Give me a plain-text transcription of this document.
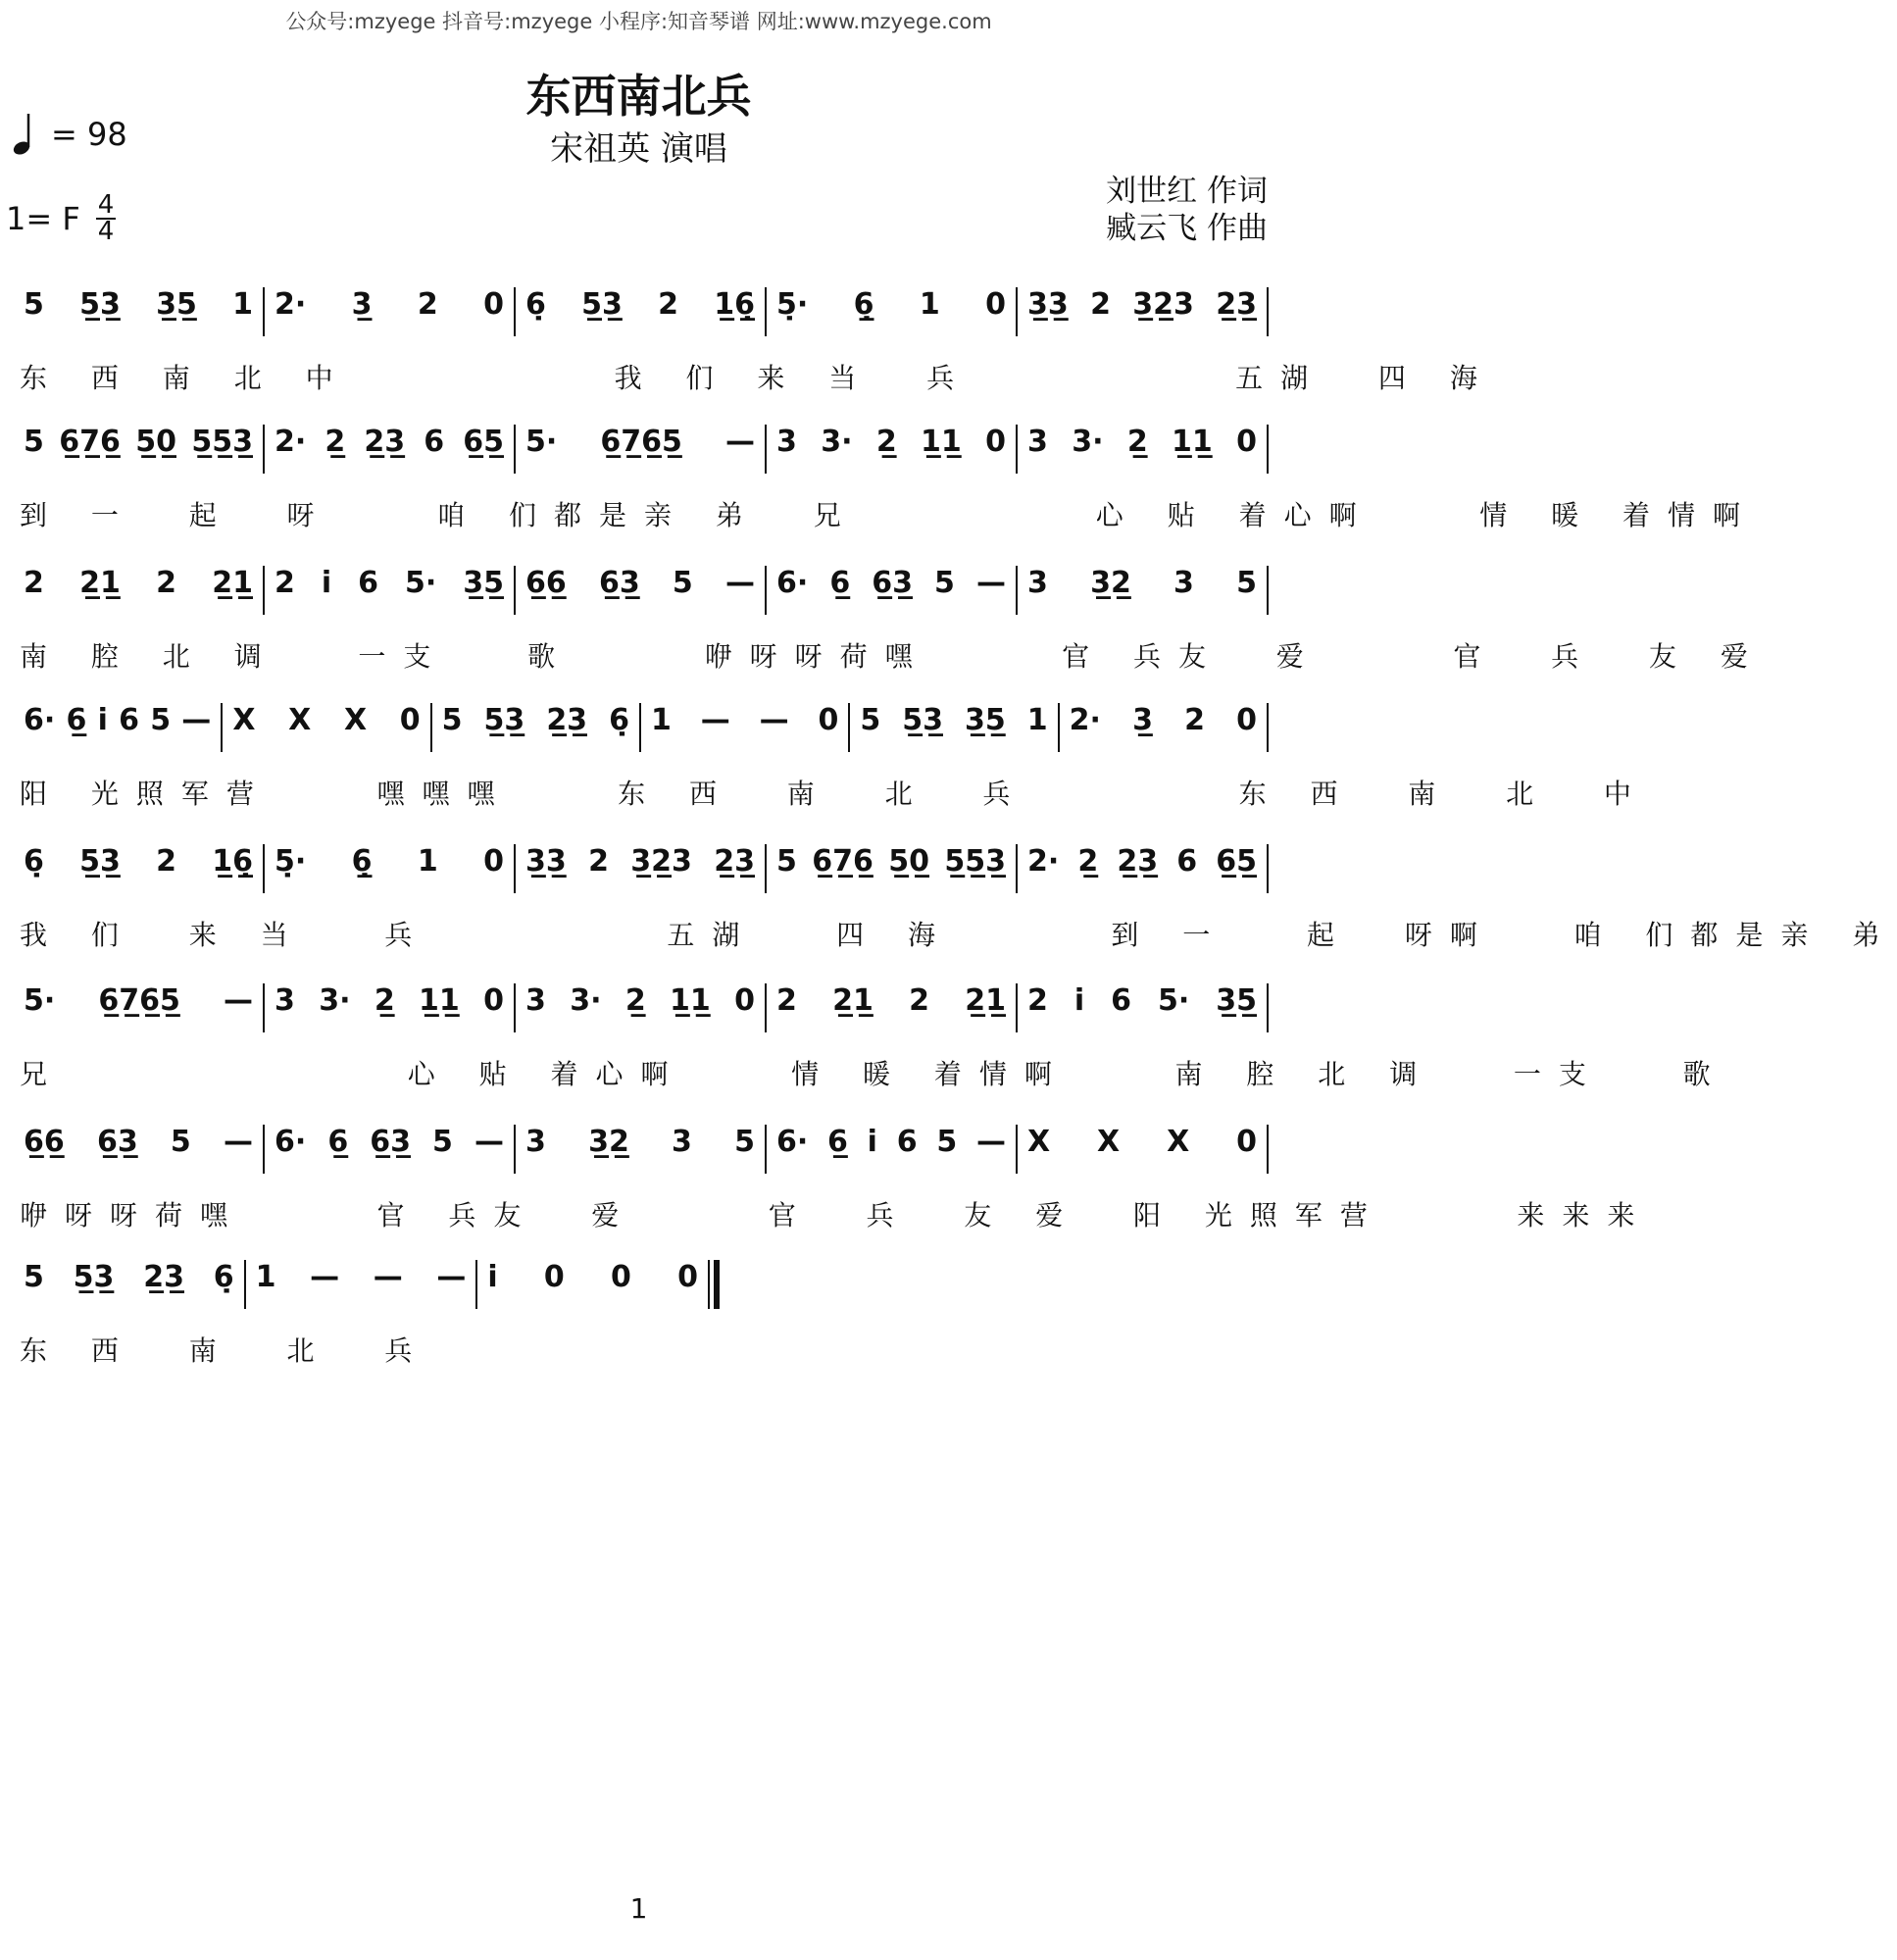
公众号:mzyege 抖音号:mzyege 小程序:知音琴谱 网址:www.mzyege.com
东西南北兵
宋祖英 演唱
= 98
1= F 4
4
刘世红 作词
臧云飞 作曲
5 5̲3̲ 3̲5̲ 1 2· 3̲ 2 0 6̣ 5̲3̲ 2 1̲6̣̲ 5̣· 6̣̲ 1 0 3̲3̲ 2 3̲2̲3 2̲3̲
东 西 南 北 中          我 们 来 当  兵          五湖  四 海
5 6̲7̲6̲ 5̲0̲ 5̲5̲3̲ 2· 2̲ 2̲3̲ 6 6̲5̲ 5· 6̲7̲6̲5̲ — 3 3· 2̲ 1̲1̲ 0 3 3· 2̲ 1̲1̲ 0
到 一  起  呀    咱 们都是亲 弟  兄         心 贴 着心啊    情 暖 着情啊
2 2̲1̲ 2 2̲1̲ 2 i 6 5· 3̲5̲ 6̲6̲ 6̲3̲ 5 — 6· 6̲ 6̲3̲ 5 — 3 3̲2̲ 3 5
南 腔 北 调   一支   歌     咿呀呀荷嘿     官 兵友  爱     官  兵  友 爱
6· 6̲ i 6 5 — X X X 0 5 5̲3̲ 2̲3̲ 6̣ 1 — — 0 5 5̲3̲ 3̲5̲ 1 2· 3̲ 2 0
阳 光照军营    嘿嘿嘿    东 西  南  北  兵        东 西  南  北  中
6̣ 5̲3̲ 2 1̲6̣̲ 5̣· 6̣̲ 1 0 3̲3̲ 2 3̲2̲3 2̲3̲ 5 6̲7̲6̲ 5̲0̲ 5̲5̲3̲ 2· 2̲ 2̲3̲ 6 6̲5̲
我 们  来 当   兵         五湖   四 海      到 一   起  呀啊   咱 们都是亲 弟
5· 6̲7̲6̲5̲ — 3 3· 2̲ 1̲1̲ 0 3 3· 2̲ 1̲1̲ 0 2 2̲1̲ 2 2̲1̲ 2 i 6 5· 3̲5̲
兄             心 贴 着心啊    情 暖 着情啊    南 腔 北 调   一支   歌
6̲6̲ 6̲3̲ 5 — 6· 6̲ 6̲3̲ 5 — 3 3̲2̲ 3 5 6· 6̲ i 6 5 — X X X 0
咿呀呀荷嘿     官 兵友  爱     官  兵  友 爱  阳 光照军营     来来来
5 5̲3̲ 2̲3̲ 6̣ 1 — — — i 0 0 0
东 西  南  北  兵
1
